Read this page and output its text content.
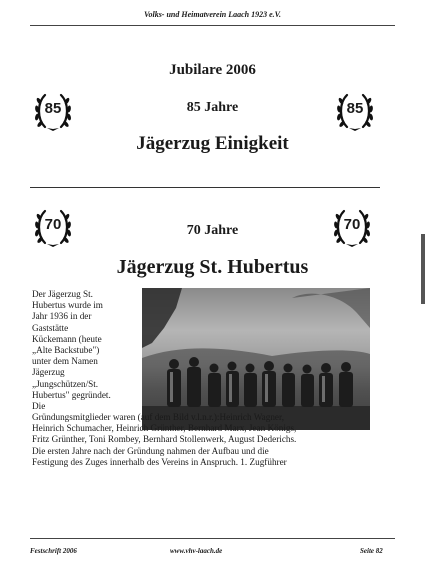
Volks- und Heimatverein Laach 1923 e.V.
Jubilare 2006
85	85
85 Jahre
Jägerzug Einigkeit
70	70
70 Jahre
Jägerzug St. Hubertus
Der Jägerzug St.
Hubertus wurde im
Jahr 1936 in der
Gaststätte
Kückemann (heute
„Alte Backstube")
unter dem Namen
Jägerzug
„Jungschützen/St.
Hubertus" gegründet.
Die
Gründungsmitglieder waren (auf dem Bild v.l.n.r.):Heinrich Wagner,
Heinrich Schumacher, Heinrich Grünther, Bernhard Marx, Jean Königs,
Fritz Grünther, Toni Rombey, Bernhard Stollenwerk, August Dederichs.
Die ersten Jahre nach der Gründung nahmen der Aufbau und die
Festigung des Zuges innerhalb des Vereins in Anspruch. 1. Zugführer
Festschrift 2006	www.vhv-laach.de	Seite 82
